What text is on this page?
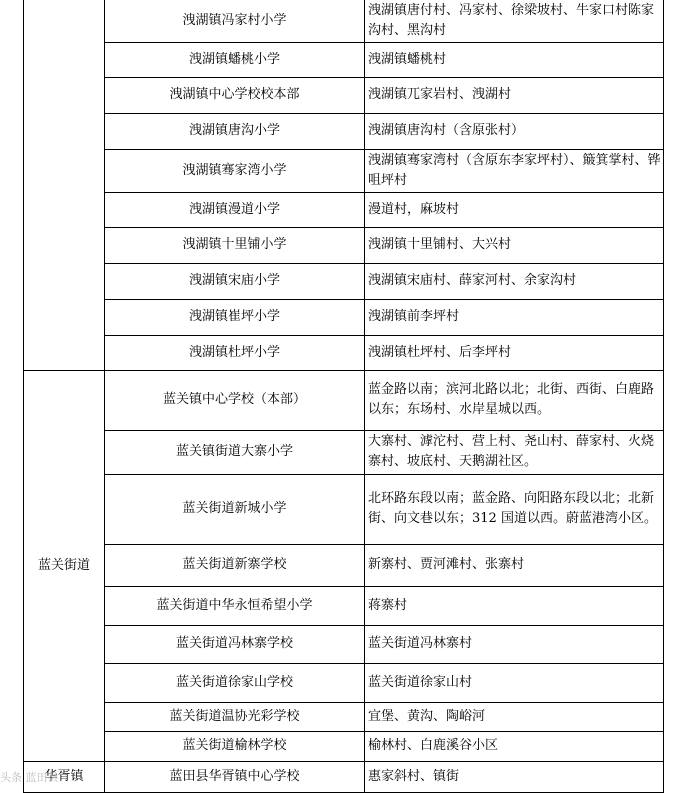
	洩湖镇冯家村小学	洩湖镇唐付村、冯家村、徐梁坡村、牛家口村陈家沟村、黑沟村
	洩湖镇蟠桃小学	洩湖镇蟠桃村
	洩湖镇中心学校校本部	洩湖镇兀家岩村、洩湖村
	洩湖镇唐沟小学	洩湖镇唐沟村（含原张村）
	洩湖镇骞家湾小学	洩湖镇骞家湾村（含原东李家坪村）、簸箕掌村、铧咀坪村
	洩湖镇漫道小学	漫道村，麻坡村
	洩湖镇十里铺小学	洩湖镇十里铺村、大兴村
	洩湖镇宋庙小学	洩湖镇宋庙村、薛家河村、余家沟村
	洩湖镇崔坪小学	洩湖镇前李坪村
	洩湖镇杜坪小学	洩湖镇杜坪村、后李坪村
蓝关街道	蓝关镇中心学校（本部）	蓝金路以南；滨河北路以北；北街、西街、白鹿路以东；东场村、水岸星城以西。
	蓝关镇街道大寨小学	大寨村、滹沱村、营上村、尧山村、薛家村、火烧寨村、坡底村、天鹅湖社区。
	蓝关街道新城小学	北环路东段以南；蓝金路、向阳路东段以北；北新街、向文巷以东；312 国道以西。蔚蓝港湾小区。
	蓝关街道新寨学校	新寨村、贾河滩村、张寨村
	蓝关街道中华永恒希望小学	蒋寨村
	蓝关街道冯林寨学校	蓝关街道冯林寨村
	蓝关街道徐家山学校	蓝关街道徐家山村
	蓝关街道温协光彩学校	宜堡、黄沟、陶峪河
	蓝关街道榆林学校	榆林村、白鹿溪谷小区
华胥镇	蓝田县华胥镇中心学校	惠家斜村、镇街
头条 蓝田县
